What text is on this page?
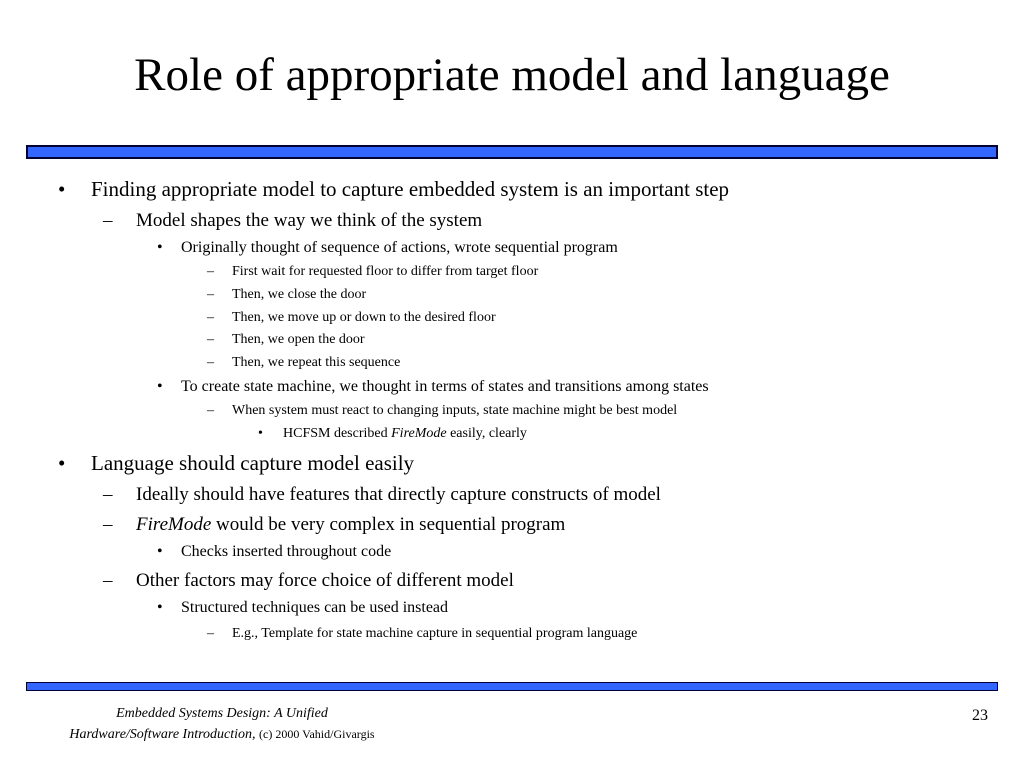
Role of appropriate model and language
• Finding appropriate model to capture embedded system is an important step
– Model shapes the way we think of the system
• Originally thought of sequence of actions, wrote sequential program
– First wait for requested floor to differ from target floor
– Then, we close the door
– Then, we move up or down to the desired floor
– Then, we open the door
– Then, we repeat this sequence
• To create state machine, we thought in terms of states and transitions among states
– When system must react to changing inputs, state machine might be best model
• HCFSM described FireMode easily, clearly
• Language should capture model easily
– Ideally should have features that directly capture constructs of model
– FireMode would be very complex in sequential program
• Checks inserted throughout code
– Other factors may force choice of different model
• Structured techniques can be used instead
– E.g., Template for state machine capture in sequential program language
Embedded Systems Design: A Unified
Hardware/Software Introduction, (c) 2000 Vahid/Givargis
23
